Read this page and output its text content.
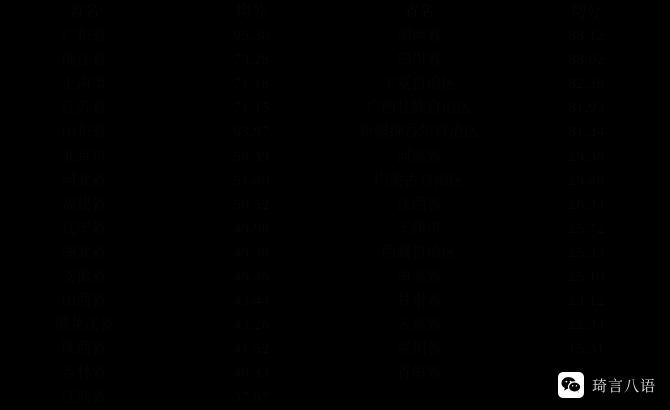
省名	均分	省名	均分
广东省	95.30	湖南省	33.12
浙江省	73.28	四川省	33.02
上海市	71.18	宁夏自治区	32.28
江苏省	71.15	广西壮族自治区	31.93
山东省	63.97	新疆维吾尔自治区	31.34
北京市	58.39	河南省	29.38
河北省	51.40	内蒙古自治区	29.48
福建省	50.52	江西省	26.34
辽宁省	49.98	天津市	25.72
湖北省	49.38	西藏自治区	25.33
安徽省	46.46	海南省	25.10
山西省	43.44	甘肃省	23.12
黑龙江省	43.26	云南省	22.34
陕西省	41.52	贵州省	15.31
吉林省	40.33	青海省	
江西省	37.07		
琦言八语
